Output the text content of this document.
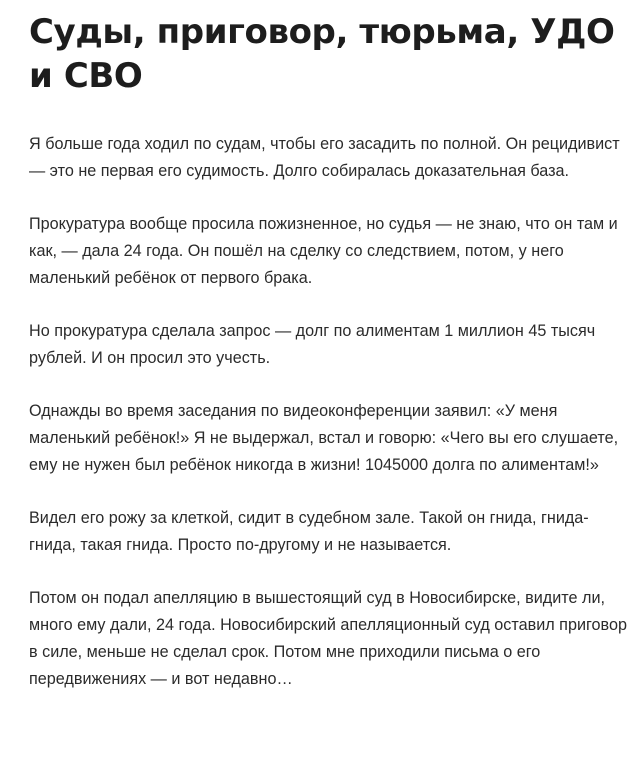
Суды, приговор, тюрьма, УДО и СВО

Я больше года ходил по судам, чтобы его засадить по полной. Он рецидивист — это не первая его судимость. Долго собиралась доказательная база.

Прокуратура вообще просила пожизненное, но судья — не знаю, что он там и как, — дала 24 года. Он пошёл на сделку со следствием, потом, у него маленький ребёнок от первого брака.

Но прокуратура сделала запрос — долг по алиментам 1 миллион 45 тысяч рублей. И он просил это учесть.

Однажды во время заседания по видеоконференции заявил: «У меня маленький ребёнок!» Я не выдержал, встал и говорю: «Чего вы его слушаете, ему не нужен был ребёнок никогда в жизни! 1045000 долга по алиментам!»

Видел его рожу за клеткой, сидит в судебном зале. Такой он гнида, гнида-гнида, такая гнида. Просто по-другому и не называется.

Потом он подал апелляцию в вышестоящий суд в Новосибирске, видите ли, много ему дали, 24 года. Новосибирский апелляционный суд оставил приговор в силе, меньше не сделал срок. Потом мне приходили письма о его передвижениях — и вот недавно…
